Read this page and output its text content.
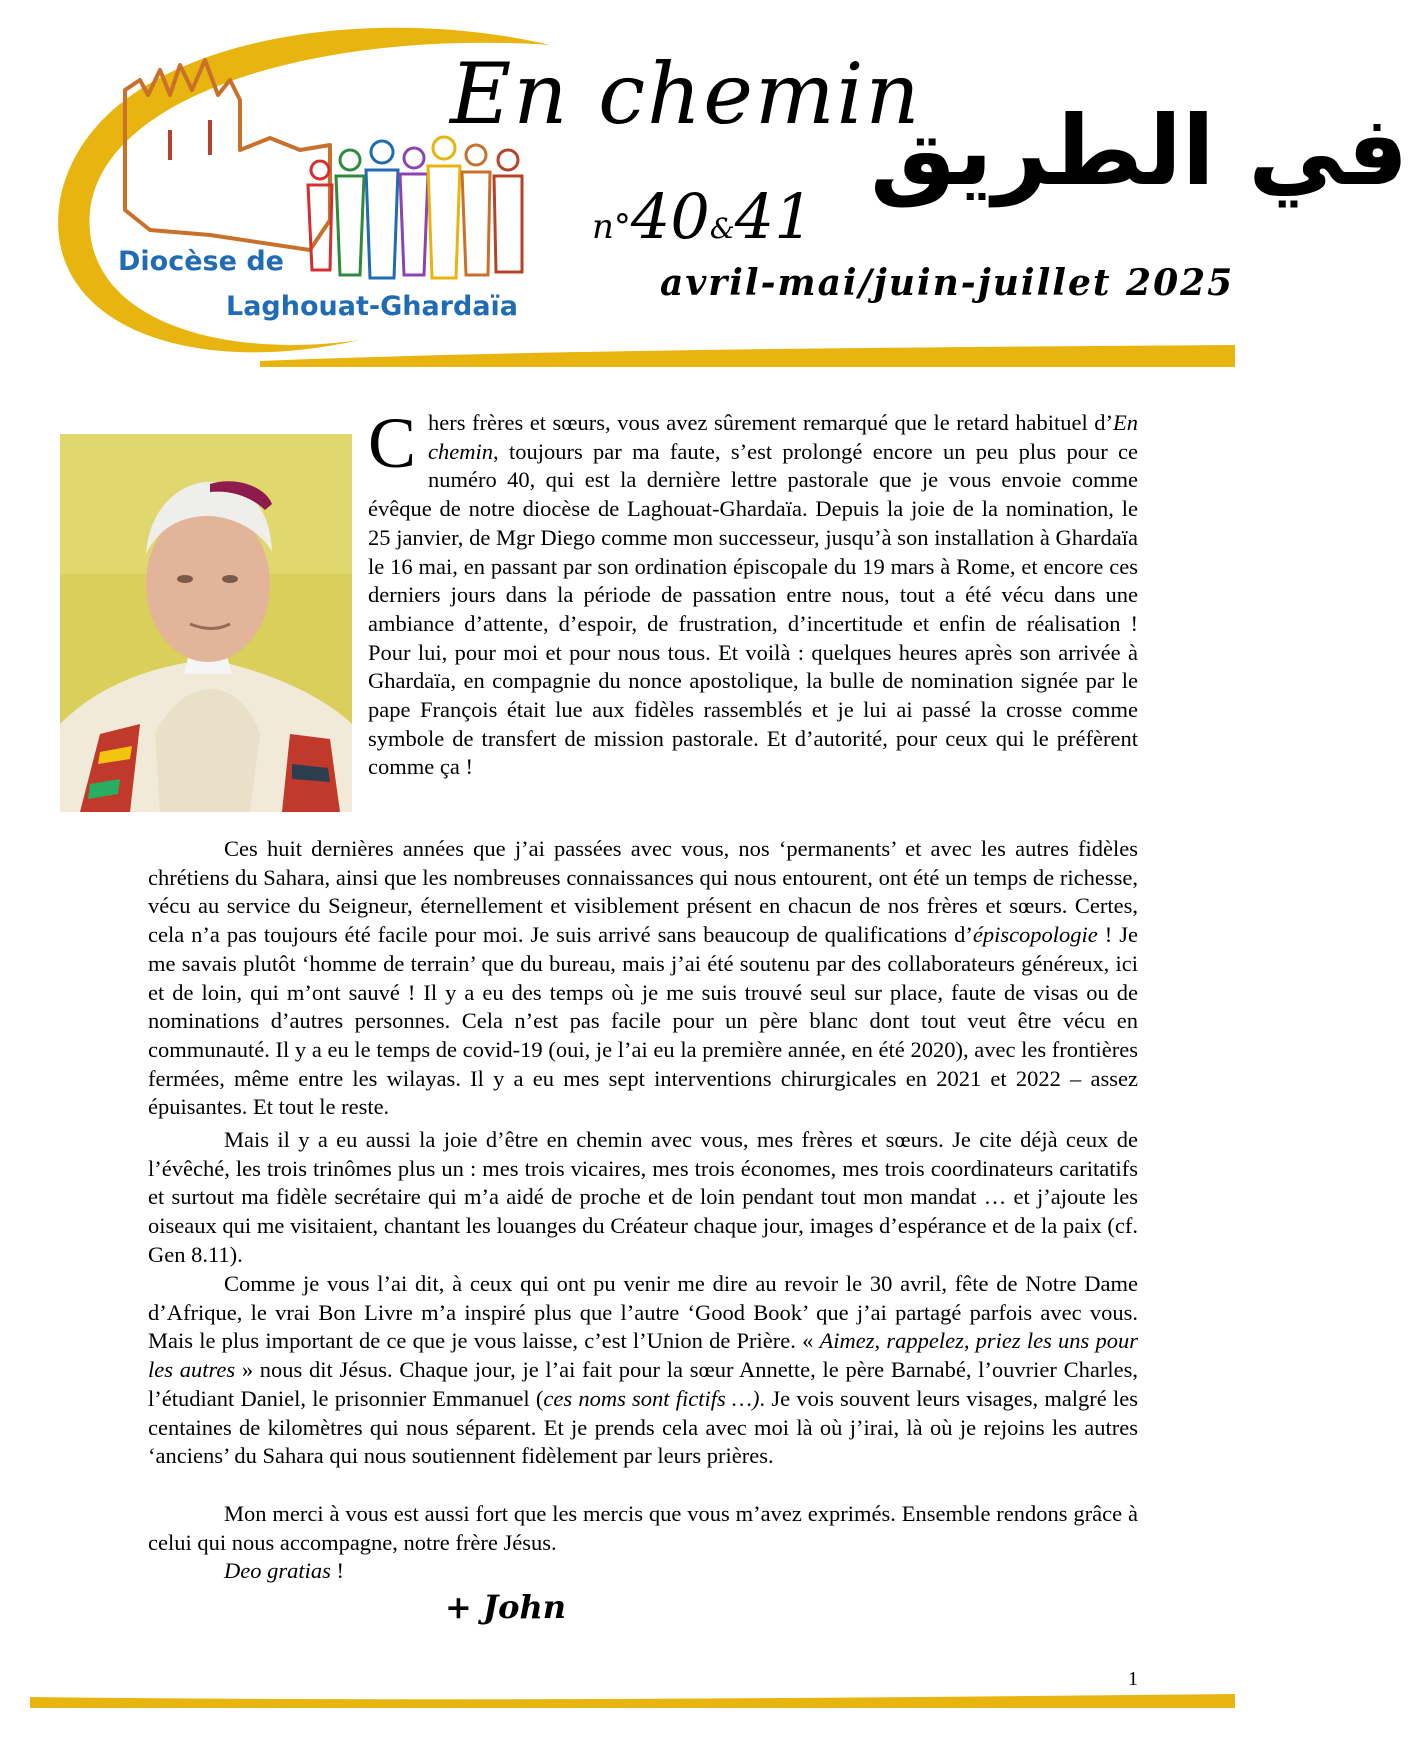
Diocèse de
Laghouat-Ghardaïa
En chemin
في الطريق
n°40&41
avril-mai/juin-juillet 2025

Chers frères et sœurs, vous avez sûrement remarqué que le retard habituel d’En chemin, toujours par ma faute, s’est prolongé encore un peu plus pour ce numéro 40, qui est la dernière lettre pastorale que je vous envoie comme évêque de notre diocèse de Laghouat-Ghardaïa. Depuis la joie de la nomination, le 25 janvier, de Mgr Diego comme mon successeur, jusqu’à son installation à Ghardaïa le 16 mai, en passant par son ordination épiscopale du 19 mars à Rome, et encore ces derniers jours dans la période de passation entre nous, tout a été vécu dans une ambiance d’attente, d’espoir, de frustration, d’incertitude et enfin de réalisation ! Pour lui, pour moi et pour nous tous. Et voilà : quelques heures après son arrivée à Ghardaïa, en compagnie du nonce apostolique, la bulle de nomination signée par le pape François était lue aux fidèles rassemblés et je lui ai passé la crosse comme symbole de transfert de mission pastorale. Et d’autorité, pour ceux qui le préfèrent comme ça !

Ces huit dernières années que j’ai passées avec vous, nos ‘permanents’ et avec les autres fidèles chrétiens du Sahara, ainsi que les nombreuses connaissances qui nous entourent, ont été un temps de richesse, vécu au service du Seigneur, éternellement et visiblement présent en chacun de nos frères et sœurs. Certes, cela n’a pas toujours été facile pour moi. Je suis arrivé sans beaucoup de qualifications d’épiscopologie ! Je me savais plutôt ‘homme de terrain’ que du bureau, mais j’ai été soutenu par des collaborateurs généreux, ici et de loin, qui m’ont sauvé ! Il y a eu des temps où je me suis trouvé seul sur place, faute de visas ou de nominations d’autres personnes. Cela n’est pas facile pour un père blanc dont tout veut être vécu en communauté. Il y a eu le temps de covid-19 (oui, je l’ai eu la première année, en été 2020), avec les frontières fermées, même entre les wilayas. Il y a eu mes sept interventions chirurgicales en 2021 et 2022 – assez épuisantes. Et tout le reste.

Mais il y a eu aussi la joie d’être en chemin avec vous, mes frères et sœurs. Je cite déjà ceux de l’évêché, les trois trinômes plus un : mes trois vicaires, mes trois économes, mes trois coordinateurs caritatifs et surtout ma fidèle secrétaire qui m’a aidé de proche et de loin pendant tout mon mandat … et j’ajoute les oiseaux qui me visitaient, chantant les louanges du Créateur chaque jour, images d’espérance et de la paix (cf. Gen 8.11).

Comme je vous l’ai dit, à ceux qui ont pu venir me dire au revoir le 30 avril, fête de Notre Dame d’Afrique, le vrai Bon Livre m’a inspiré plus que l’autre ‘Good Book’ que j’ai partagé parfois avec vous. Mais le plus important de ce que je vous laisse, c’est l’Union de Prière. « Aimez, rappelez, priez les uns pour les autres » nous dit Jésus. Chaque jour, je l’ai fait pour la sœur Annette, le père Barnabé, l’ouvrier Charles, l’étudiant Daniel, le prisonnier Emmanuel (ces noms sont fictifs …). Je vois souvent leurs visages, malgré les centaines de kilomètres qui nous séparent. Et je prends cela avec moi là où j’irai, là où je rejoins les autres ‘anciens’ du Sahara qui nous soutiennent fidèlement par leurs prières.

Mon merci à vous est aussi fort que les mercis que vous m’avez exprimés. Ensemble rendons grâce à celui qui nous accompagne, notre frère Jésus.

Deo gratias !
+ John
1
